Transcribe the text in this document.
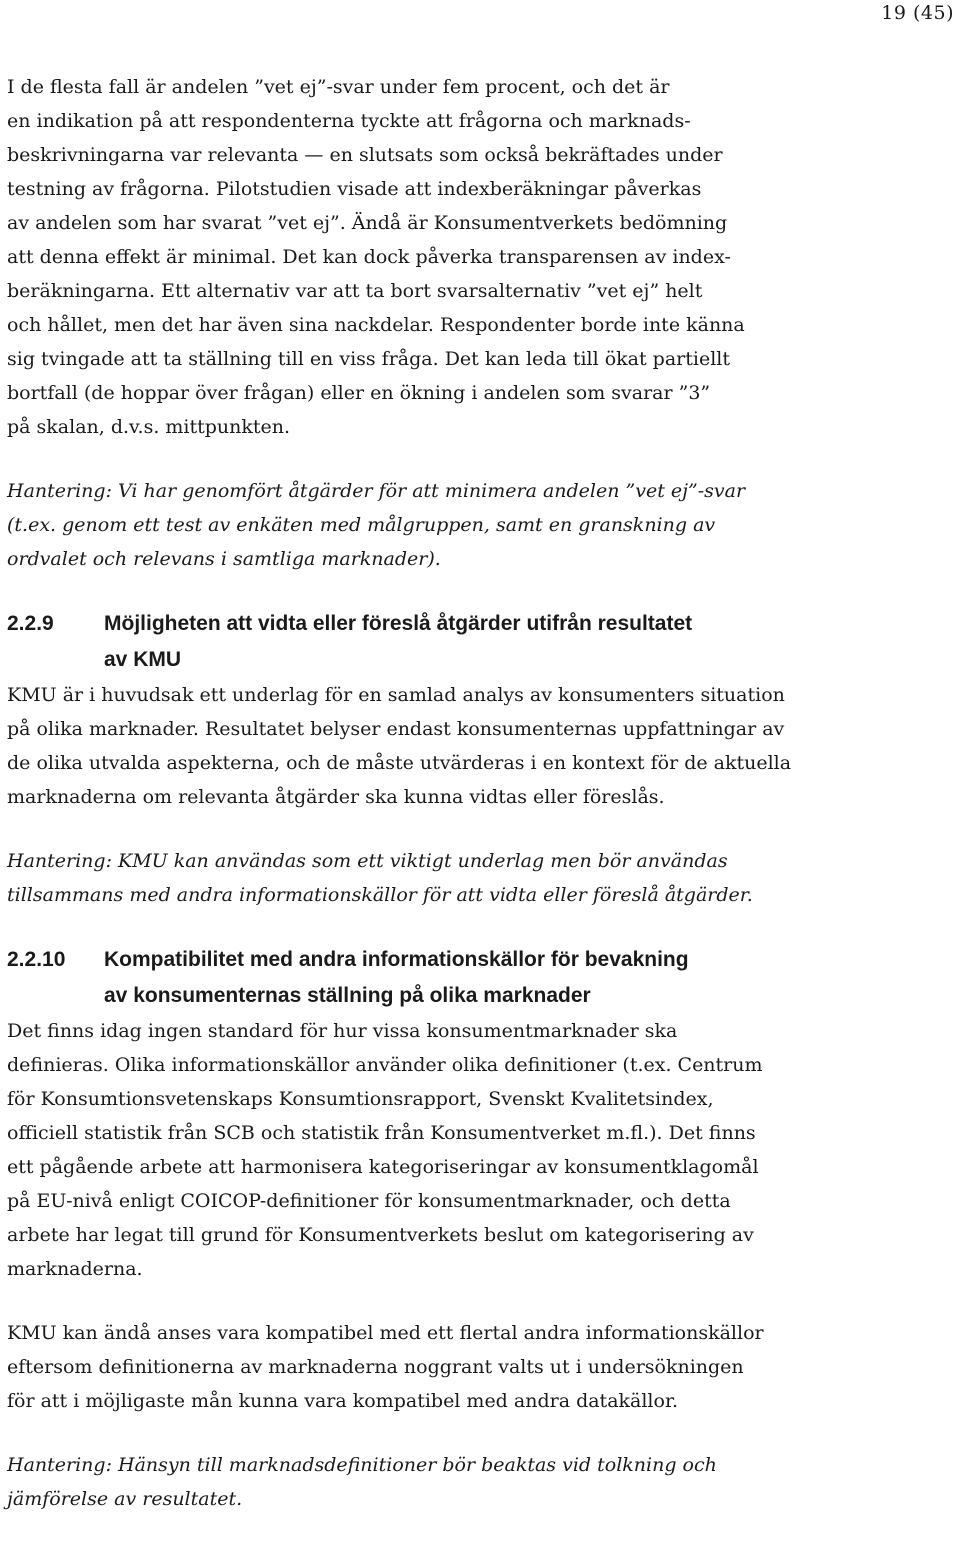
19 (45)
I de flesta fall är andelen ”vet ej”-svar under fem procent, och det är
en indikation på att respondenterna tyckte att frågorna och marknads-
beskrivningarna var relevanta — en slutsats som också bekräftades under
testning av frågorna. Pilotstudien visade att indexberäkningar påverkas
av andelen som har svarat ”vet ej”. Ändå är Konsumentverkets bedömning
att denna effekt är minimal. Det kan dock påverka transparensen av index-
beräkningarna. Ett alternativ var att ta bort svarsalternativ ”vet ej” helt
och hållet, men det har även sina nackdelar. Respondenter borde inte känna
sig tvingade att ta ställning till en viss fråga. Det kan leda till ökat partiellt
bortfall (de hoppar över frågan) eller en ökning i andelen som svarar ”3”
på skalan, d.v.s. mittpunkten.
Hantering: Vi har genomfört åtgärder för att minimera andelen ”vet ej”-svar
(t.ex. genom ett test av enkäten med målgruppen, samt en granskning av
ordvalet och relevans i samtliga marknader).
2.2.9	Möjligheten att vidta eller föreslå åtgärder utifrån resultatet
av KMU
KMU är i huvudsak ett underlag för en samlad analys av konsumenters situation
på olika marknader. Resultatet belyser endast konsumenternas uppfattningar av
de olika utvalda aspekterna, och de måste utvärderas i en kontext för de aktuella
marknaderna om relevanta åtgärder ska kunna vidtas eller föreslås.
Hantering: KMU kan användas som ett viktigt underlag men bör användas
tillsammans med andra informationskällor för att vidta eller föreslå åtgärder.
2.2.10	Kompatibilitet med andra informationskällor för bevakning
av konsumenternas ställning på olika marknader
Det finns idag ingen standard för hur vissa konsumentmarknader ska
definieras. Olika informationskällor använder olika definitioner (t.ex. Centrum
för Konsumtionsvetenskaps Konsumtionsrapport, Svenskt Kvalitetsindex,
officiell statistik från SCB och statistik från Konsumentverket m.fl.). Det finns
ett pågående arbete att harmonisera kategoriseringar av konsumentklagomål
på EU-nivå enligt COICOP-definitioner för konsumentmarknader, och detta
arbete har legat till grund för Konsumentverkets beslut om kategorisering av
marknaderna.
KMU kan ändå anses vara kompatibel med ett flertal andra informationskällor
eftersom definitionerna av marknaderna noggrant valts ut i undersökningen
för att i möjligaste mån kunna vara kompatibel med andra datakällor.
Hantering: Hänsyn till marknadsdefinitioner bör beaktas vid tolkning och
jämförelse av resultatet.
